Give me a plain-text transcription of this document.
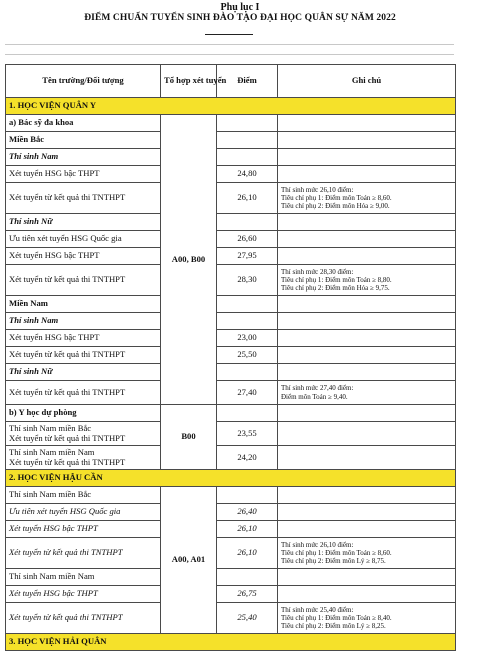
Phụ lục I
ĐIỂM CHUẨN TUYỂN SINH ĐÀO TẠO ĐẠI HỌC QUÂN SỰ NĂM 2022
Tên trường/Đối tượng	Tổ hợp xét tuyển	Điểm	Ghi chú
1. HỌC VIỆN QUÂN Y			
a) Bác sỹ đa khoa	A00, B00		
Miền Bắc			
Thí sinh Nam			
Xét tuyển HSG bậc THPT		24,80	
Xét tuyển từ kết quả thi TNTHPT		26,10	Thí sinh mức 26,10 điểm:
Tiêu chí phụ 1: Điểm môn Toán ≥ 8,60.
Tiêu chí phụ 2: Điểm môn Hóa ≥ 9,00.

Thí sinh Nữ			
Ưu tiên xét tuyển HSG Quốc gia		26,60	
Xét tuyển HSG bậc THPT		27,95	
Xét tuyển từ kết quả thi TNTHPT		28,30	Thí sinh mức 28,30 điểm:
Tiêu chí phụ 1: Điểm môn Toán ≥ 8,80.
Tiêu chí phụ 2: Điểm môn Hóa ≥ 9,75.

Miền Nam			
Thí sinh Nam			
Xét tuyển HSG bậc THPT		23,00	
Xét tuyển từ kết quả thi TNTHPT		25,50	
Thí sinh Nữ			
Xét tuyển từ kết quả thi TNTHPT		27,40	Thí sinh mức 27,40 điểm:
Điểm môn Toán ≥ 9,40.

b) Y học dự phòng	B00		

Thí sinh Nam miền Bắc
Xét tuyển từ kết quả thi TNTHPT		23,55	

Thí sinh Nam miền Nam
Xét tuyển từ kết quả thi TNTHPT		24,20	
2. HỌC VIỆN HẬU CẦN			
Thí sinh Nam miền Bắc	A00, A01		
Ưu tiên xét tuyển HSG Quốc gia		26,40	
Xét tuyển HSG bậc THPT		26,10	
Xét tuyển từ kết quả thi TNTHPT		26,10	Thí sinh mức 26,10 điểm:
Tiêu chí phụ 1: Điểm môn Toán ≥ 8,60.
Tiêu chí phụ 2: Điểm môn Lý ≥ 8,75.

Thí sinh Nam miền Nam			
Xét tuyển HSG bậc THPT		26,75	
Xét tuyển từ kết quả thi TNTHPT		25,40	Thí sinh mức 25,40 điểm:
Tiêu chí phụ 1: Điểm môn Toán ≥ 8,40.
Tiêu chí phụ 2: Điểm môn Lý ≥ 8,25.

3. HỌC VIỆN HẢI QUÂN			
